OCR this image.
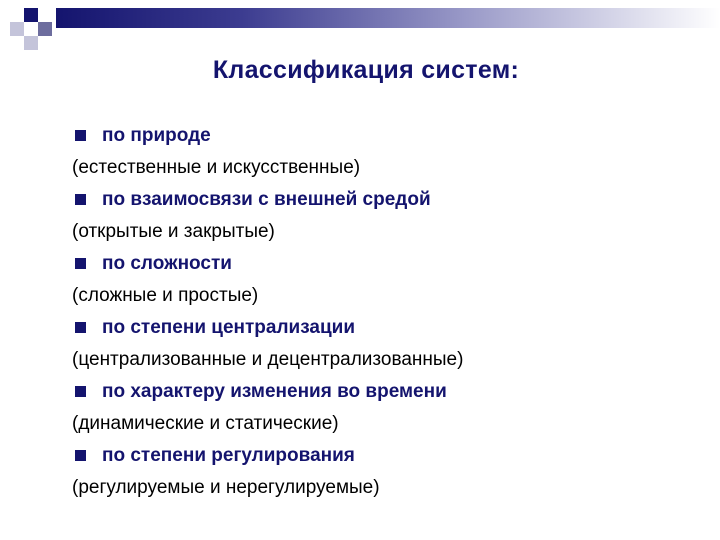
Классификация систем:
по природе
(естественные и искусственные)
по взаимосвязи с внешней средой
(открытые и закрытые)
по сложности
(сложные и простые)
по степени централизации
(централизованные и децентрализованные)
по характеру изменения во времени
(динамические и статические)
по степени регулирования
(регулируемые и нерегулируемые)
